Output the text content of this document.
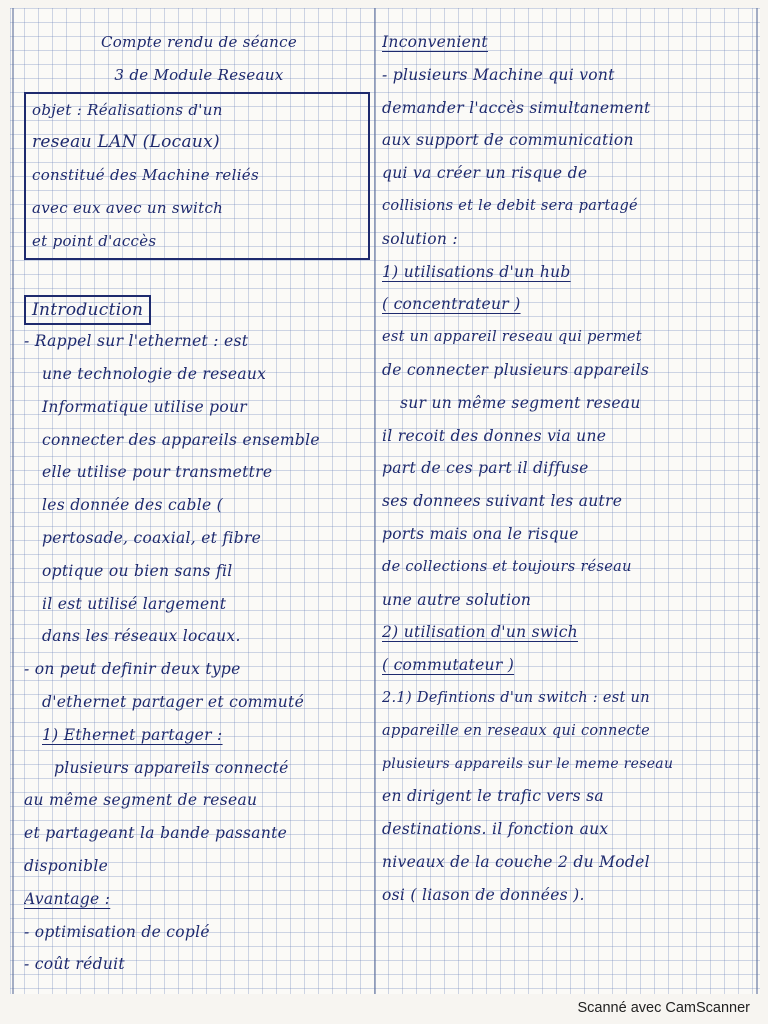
Compte rendu de séance
3 de Module Reseaux
objet : Réalisations d'un
reseau LAN (Locaux)
constitué des Machine reliés
avec eux avec un switch
et point d'accès
Introduction
- Rappel sur l'ethernet : est
une technologie de reseaux
Informatique utilise pour
connecter des appareils ensemble
elle utilise pour transmettre
les donnée des cable (
pertosade, coaxial, et fibre
optique ou bien sans fil
il est utilisé largement
dans les réseaux locaux.
- on peut definir deux type
d'ethernet partager et commuté
1) Ethernet partager :
plusieurs appareils connecté
au même segment de reseau
et partageant la bande passante
disponible
Avantage :
- optimisation de coplé
- coût réduit
Inconvenient
- plusieurs Machine qui vont
demander l'accès simultanement
aux support de communication
qui va créer un risque de
collisions et le debit sera partagé
solution :
1) utilisations d'un hub
( concentrateur )
est un appareil reseau qui permet
de connecter plusieurs appareils
sur un même segment reseau
il recoit des donnes via une
part de ces part il diffuse
ses donnees suivant les autre
ports mais ona le risque
de collections et toujours réseau
une autre solution
2) utilisation d'un swich
( commutateur )
2.1) Defintions d'un switch : est un
appareille en reseaux qui connecte
plusieurs appareils sur le meme reseau
en dirigent le trafic vers sa
destinations. il fonction aux
niveaux de la couche 2 du Model
osi ( liason de données ).
Scanné avec CamScanner
